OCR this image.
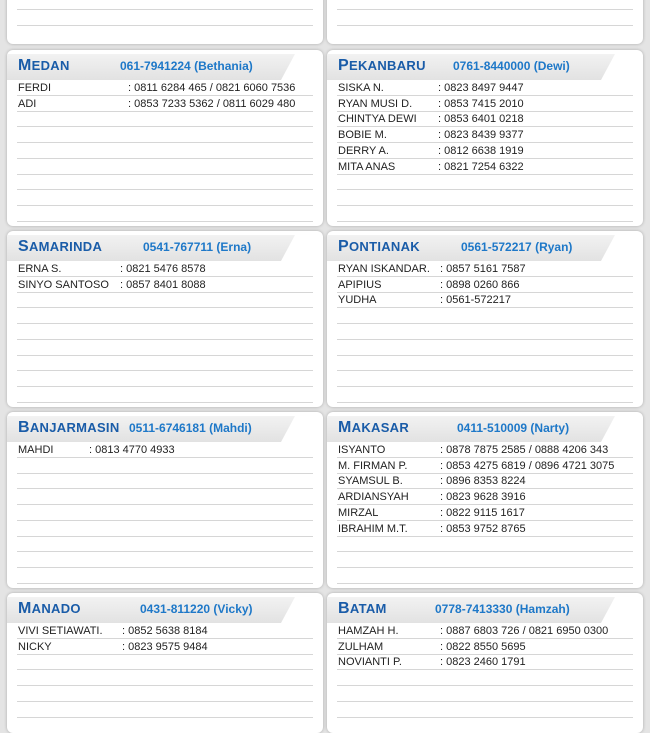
MEDAN	061-7941224 (Bethania)
FERDI	: 0811 6284 465 / 0821 6060 7536
ADI	: 0853 7233 5362 / 0811 6029 480
PEKANBARU 0761-8440000 (Dewi)
SISKA N.	: 0823 8497 9447
RYAN MUSI D. : 0853 7415 2010
CHINTYA DEWI : 0853 6401 0218
BOBIE M.	: 0823 8439 9377
DERRY A.	: 0812 6638 1919
MITA ANAS	: 0821 7254 6322
SAMARINDA	0541-767711 (Erna)
ERNA S.	: 0821 5476 8578
SINYO SANTOSO : 0857 8401 8088
PONTIANAK	0561-572217 (Ryan)
RYAN ISKANDAR. : 0857 5161 7587
APIPIUS	: 0898 0260 866
YUDHA	: 0561-572217
BANJARMASIN 0511-6746181 (Mahdi)
MAHDI	: 0813 4770 4933
MAKASAR	0411-510009 (Narty)
ISYANTO	: 0878 7875 2585 / 0888 4206 343
M. FIRMAN P.	: 0853 4275 6819 / 0896 4721 3075
SYAMSUL B.	: 0896 8353 8224
ARDIANSYAH	: 0823 9628 3916
MIRZAL	: 0822 9115 1617
IBRAHIM M.T.	: 0853 9752 8765
MANADO	0431-811220 (Vicky)
VIVI SETIAWATI. : 0852 5638 8184
NICKY	: 0823 9575 9484
BATAM	0778-7413330 (Hamzah)
HAMZAH H.	: 0887 6803 726 / 0821 6950 0300
ZULHAM	: 0822 8550 5695
NOVIANTI P.	: 0823 2460 1791
